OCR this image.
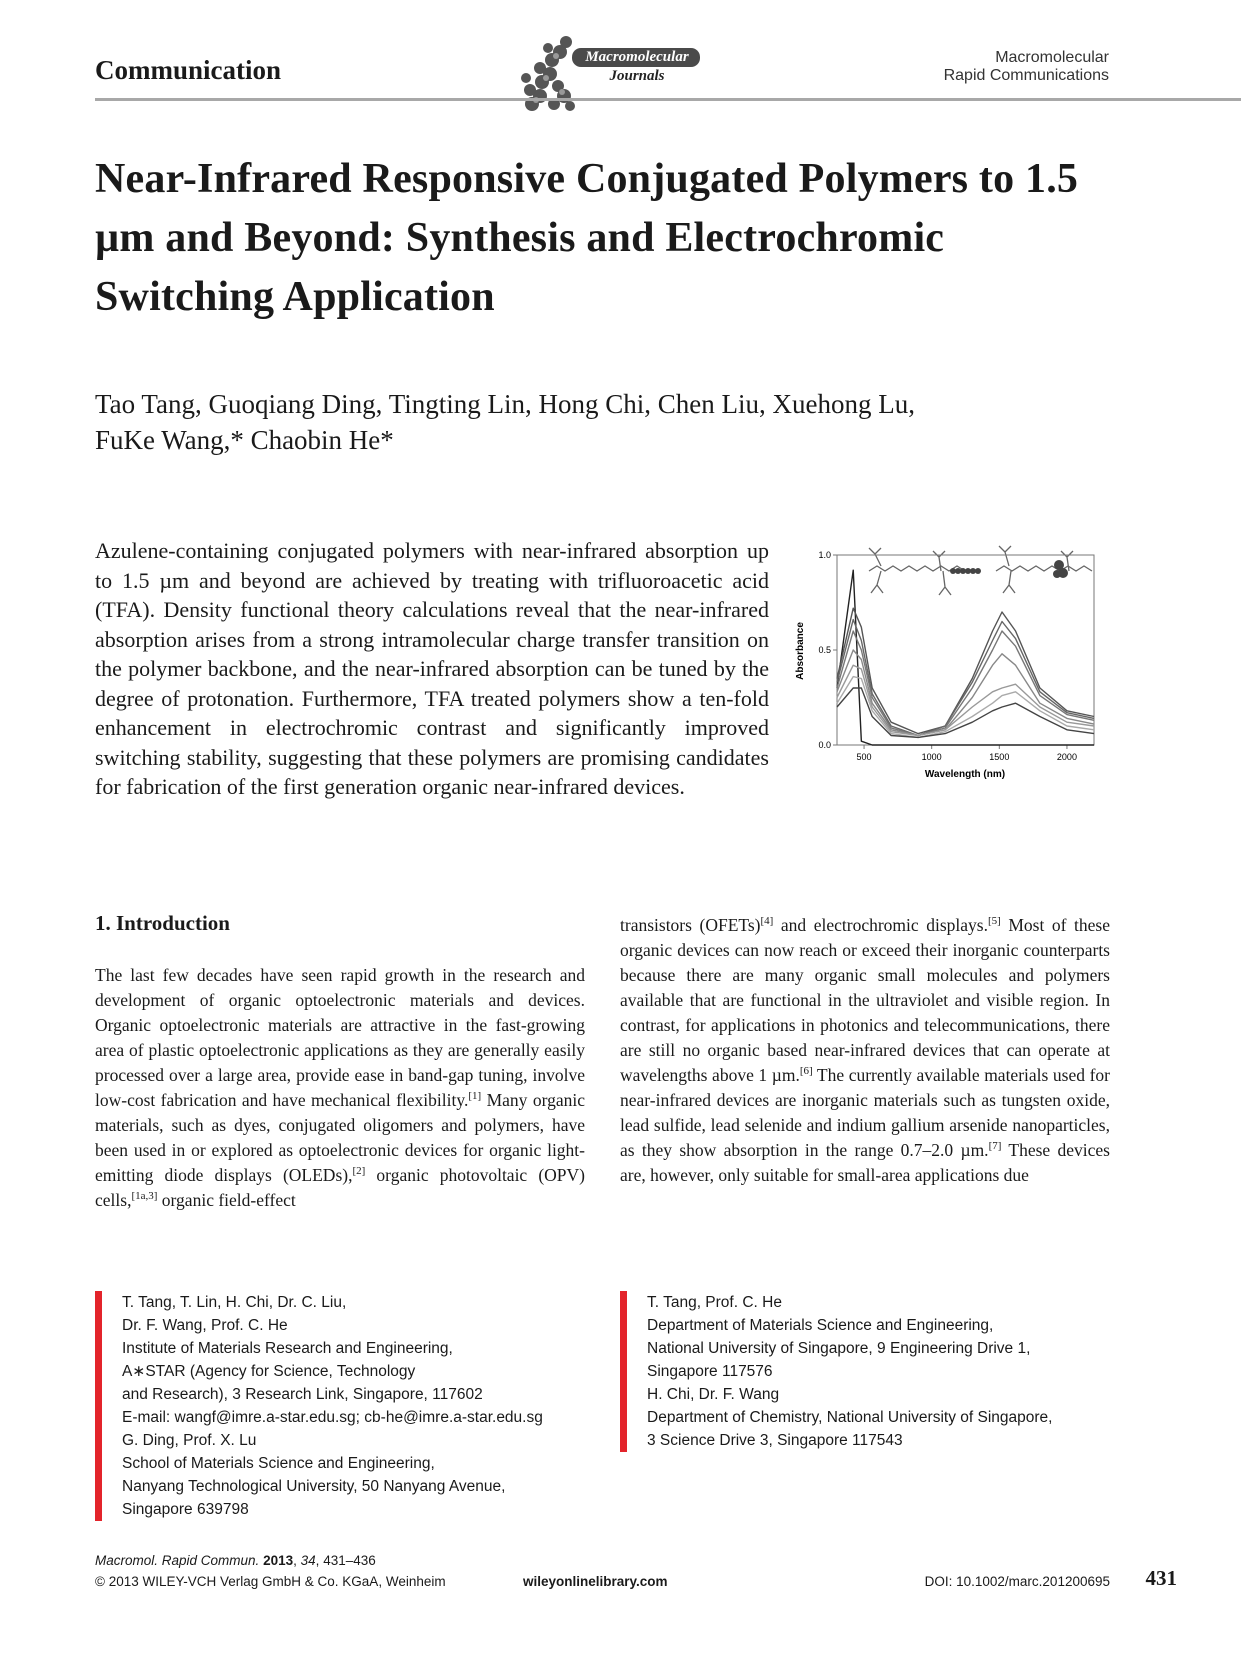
Communication	Macromolecular
Journals
Macromolecular
Rapid Communications
Near-Infrared Responsive Conjugated Polymers to 1.5 µm and Beyond: Synthesis and Electrochromic Switching Application
Tao Tang, Guoqiang Ding, Tingting Lin, Hong Chi, Chen Liu, Xuehong Lu,
FuKe Wang,* Chaobin He*
500	1000	1500	2000
0.0
0.5
1.0
Wavelength (nm)
Absorbance
Azulene-containing conjugated polymers with near-infrared absorption up to 1.5 µm and beyond are achieved by treating with trifluoroacetic acid (TFA). Density functional theory calculations reveal that the near-infrared absorption arises from a strong intramolecular charge transfer transition on the polymer backbone, and the near-infrared absorption can be tuned by the degree of protonation. Furthermore, TFA treated polymers show a ten-fold enhancement in electrochromic contrast and significantly improved switching stability, suggesting that these polymers are promising candidates for fabrication of the first generation organic near-infrared devices.
1. Introduction
The last few decades have seen rapid growth in the research and development of organic optoelectronic materials and devices. Organic optoelectronic materials are attractive in the fast-growing area of plastic optoelectronic applications as they are generally easily processed over a large area, provide ease in band-gap tuning, involve low-cost fabrication and have mechanical flexibility.[1] Many organic materials, such as dyes, conjugated oligomers and polymers, have been used in or explored as optoelectronic devices for organic light-emitting diode displays (OLEDs),[2] organic photovoltaic (OPV) cells,[1a,3] organic field-effect
transistors (OFETs)[4] and electrochromic displays.[5] Most of these organic devices can now reach or exceed their inorganic counterparts because there are many organic small molecules and polymers available that are functional in the ultraviolet and visible region. In contrast, for applications in photonics and telecommunications, there are still no organic based near-infrared devices that can operate at wavelengths above 1 µm.[6] The currently available materials used for near-infrared devices are inorganic materials such as tungsten oxide, lead sulfide, lead selenide and indium gallium arsenide nanoparticles, as they show absorption in the range 0.7–2.0 µm.[7] These devices are, however, only suitable for small-area applications due
T. Tang, T. Lin, H. Chi, Dr. C. Liu,
Dr. F. Wang, Prof. C. He
Institute of Materials Research and Engineering,
A∗STAR (Agency for Science, Technology
and Research), 3 Research Link, Singapore, 117602
E-mail: wangf@imre.a-star.edu.sg; cb-he@imre.a-star.edu.sg
G. Ding, Prof. X. Lu
School of Materials Science and Engineering,
Nanyang Technological University, 50 Nanyang Avenue,
Singapore 639798
T. Tang, Prof. C. He
Department of Materials Science and Engineering,
National University of Singapore, 9 Engineering Drive 1,
Singapore 117576
H. Chi, Dr. F. Wang
Department of Chemistry, National University of Singapore,
3 Science Drive 3, Singapore 117543
Macromol. Rapid Commun. 2013, 34, 431–436
© 2013 WILEY-VCH Verlag GmbH & Co. KGaA, Weinheim	wileyonlinelibrary.com	DOI: 10.1002/marc.201200695 431
